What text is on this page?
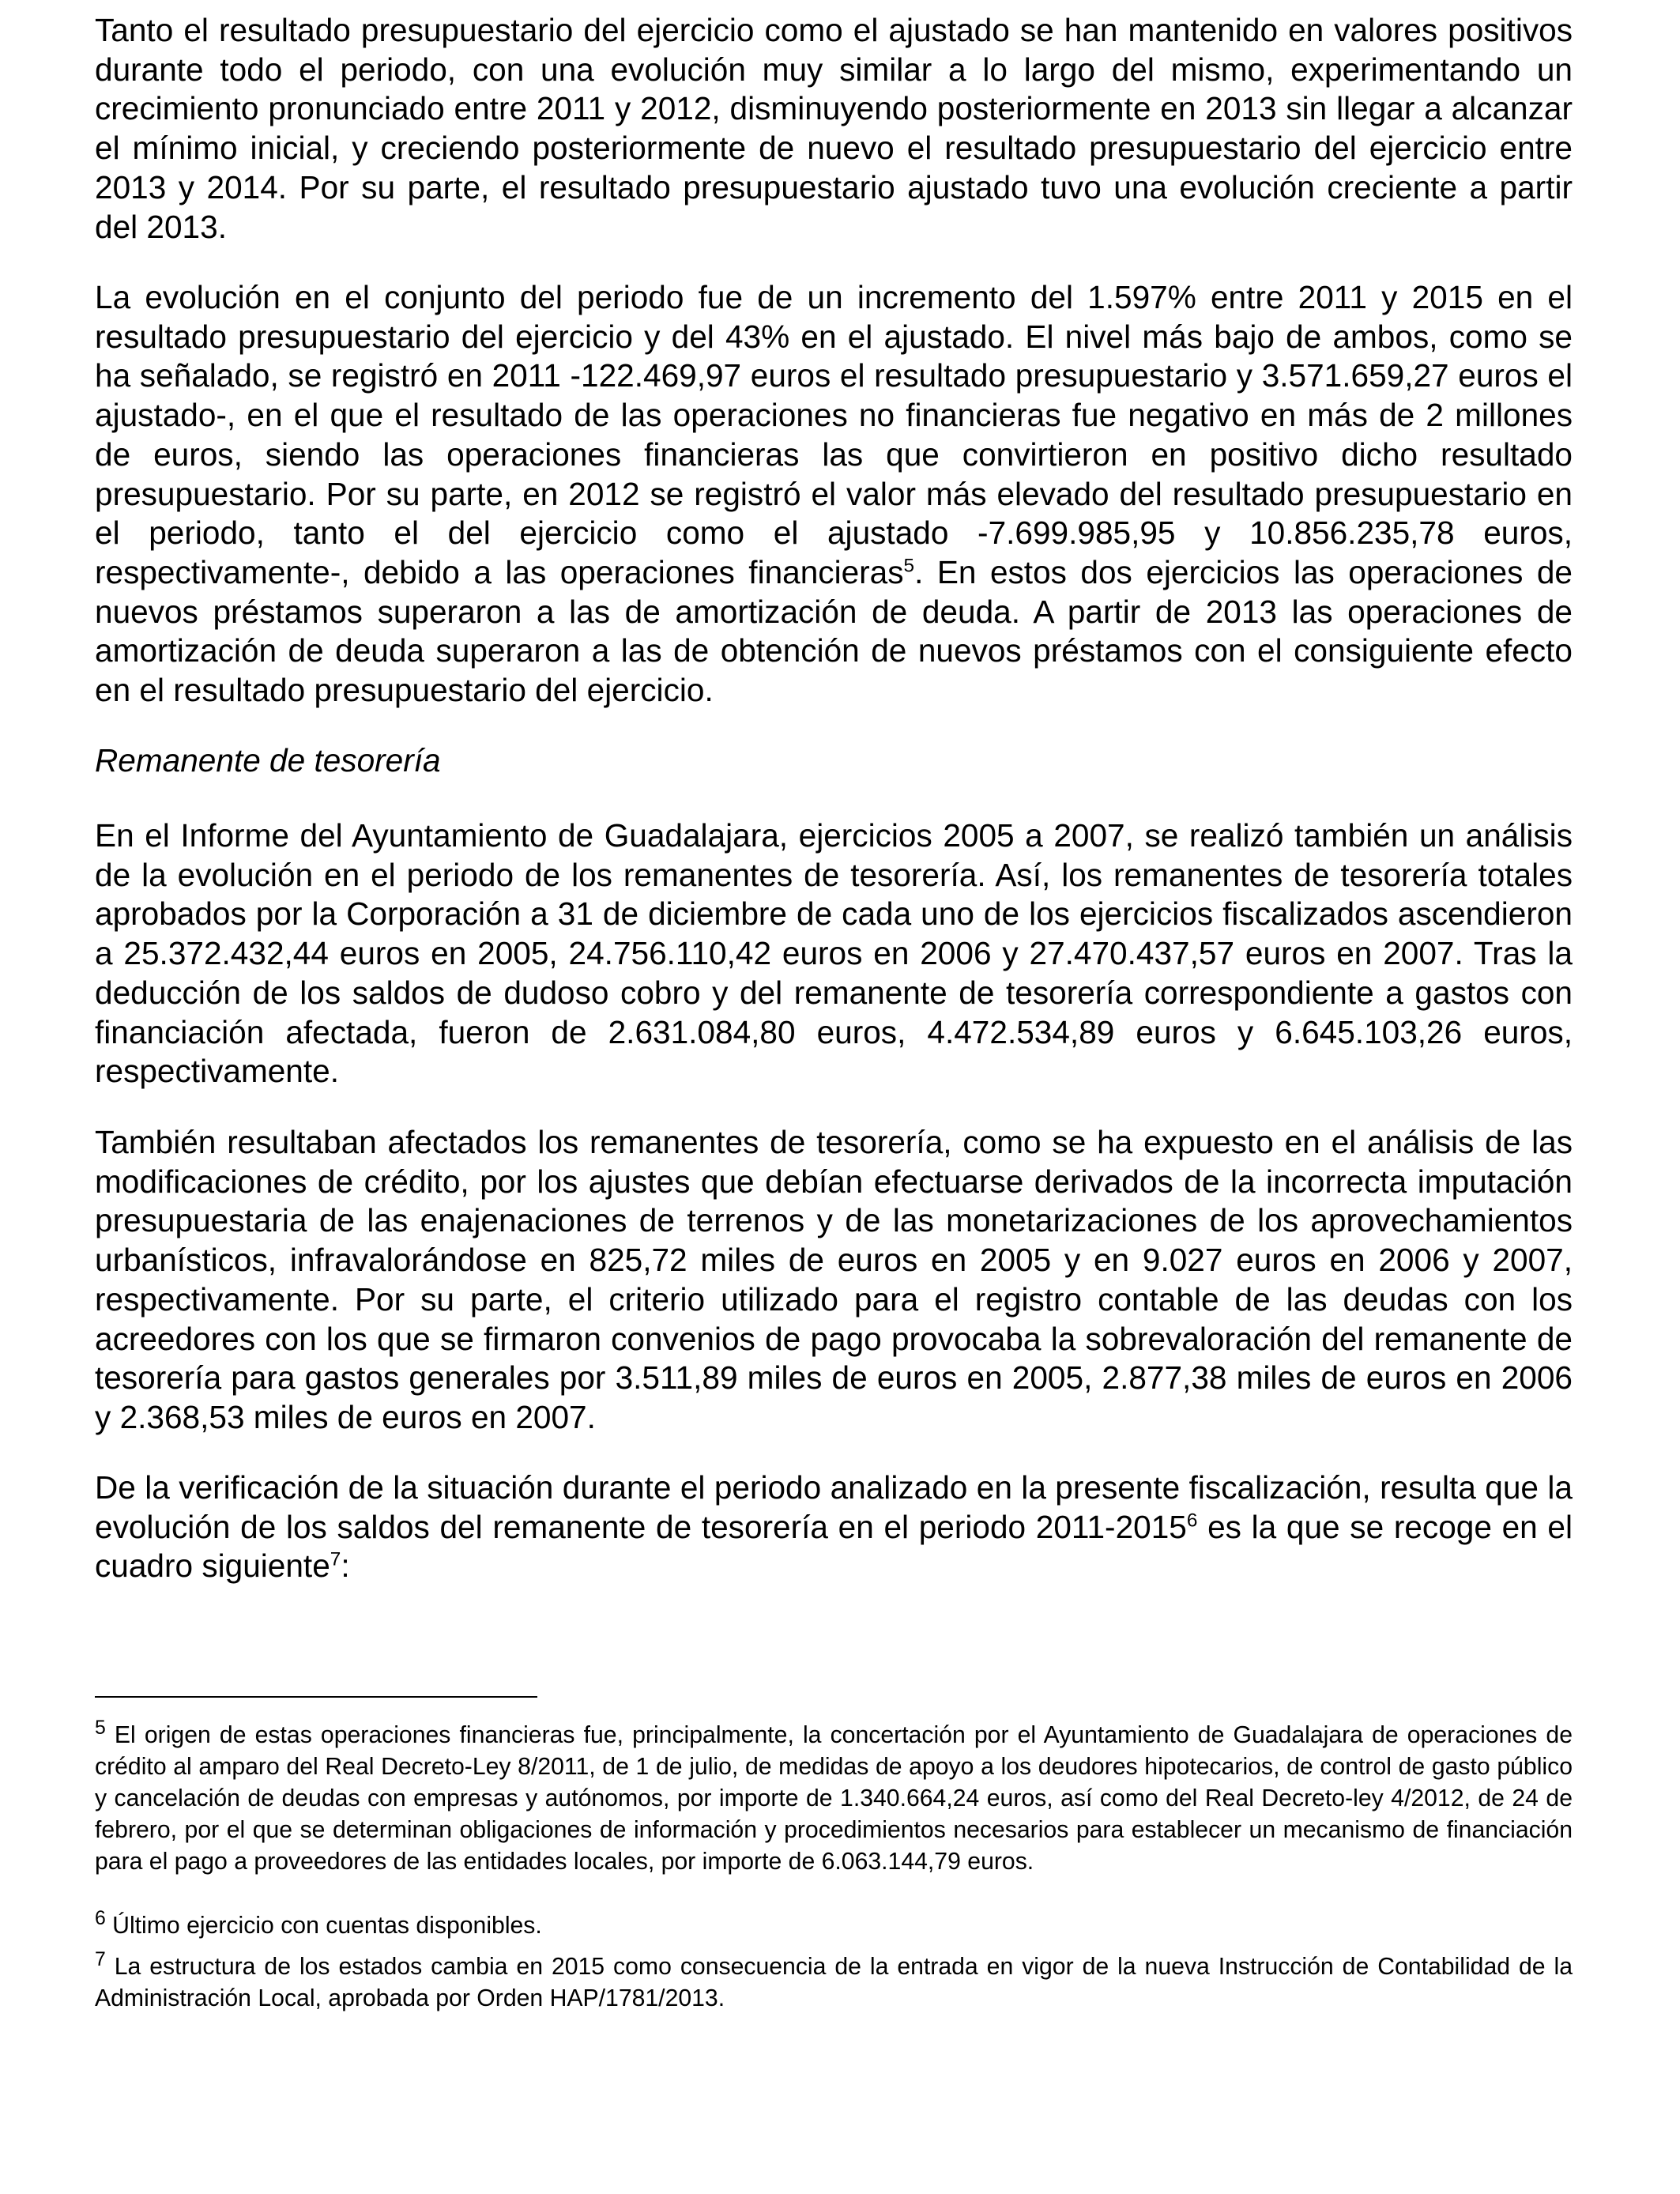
Tanto el resultado presupuestario del ejercicio como el ajustado se han mantenido en valores positivos durante todo el periodo, con una evolución muy similar a lo largo del mismo, experimentando un crecimiento pronunciado entre 2011 y 2012, disminuyendo posteriormente en 2013 sin llegar a alcanzar el mínimo inicial, y creciendo posteriormente de nuevo el resultado presupuestario del ejercicio entre 2013 y 2014. Por su parte, el resultado presupuestario ajustado tuvo una evolución creciente a partir del 2013.

La evolución en el conjunto del periodo fue de un incremento del 1.597% entre 2011 y 2015 en el resultado presupuestario del ejercicio y del 43% en el ajustado. El nivel más bajo de ambos, como se ha señalado, se registró en 2011 -122.469,97 euros el resultado presupuestario y 3.571.659,27 euros el ajustado-, en el que el resultado de las operaciones no financieras fue negativo en más de 2 millones de euros, siendo las operaciones financieras las que convirtieron en positivo dicho resultado presupuestario. Por su parte, en 2012 se registró el valor más elevado del resultado presupuestario en el periodo, tanto el del ejercicio como el ajustado -7.699.985,95 y 10.856.235,78 euros, respectivamente-, debido a las operaciones financieras$^5$. En estos dos ejercicios las operaciones de nuevos préstamos superaron a las de amortización de deuda. A partir de 2013 las operaciones de amortización de deuda superaron a las de obtención de nuevos préstamos con el consiguiente efecto en el resultado presupuestario del ejercicio.

Remanente de tesorería

En el Informe del Ayuntamiento de Guadalajara, ejercicios 2005 a 2007, se realizó también un análisis de la evolución en el periodo de los remanentes de tesorería. Así, los remanentes de tesorería totales aprobados por la Corporación a 31 de diciembre de cada uno de los ejercicios fiscalizados ascendieron a 25.372.432,44 euros en 2005, 24.756.110,42 euros en 2006 y 27.470.437,57 euros en 2007. Tras la deducción de los saldos de dudoso cobro y del remanente de tesorería correspondiente a gastos con financiación afectada, fueron de 2.631.084,80 euros, 4.472.534,89 euros y 6.645.103,26 euros, respectivamente.

También resultaban afectados los remanentes de tesorería, como se ha expuesto en el análisis de las modificaciones de crédito, por los ajustes que debían efectuarse derivados de la incorrecta imputación presupuestaria de las enajenaciones de terrenos y de las monetarizaciones de los aprovechamientos urbanísticos, infravalorándose en 825,72 miles de euros en 2005 y en 9.027 euros en 2006 y 2007, respectivamente. Por su parte, el criterio utilizado para el registro contable de las deudas con los acreedores con los que se firmaron convenios de pago provocaba la sobrevaloración del remanente de tesorería para gastos generales por 3.511,89 miles de euros en 2005, 2.877,38 miles de euros en 2006 y 2.368,53 miles de euros en 2007.

De la verificación de la situación durante el periodo analizado en la presente fiscalización, resulta que la evolución de los saldos del remanente de tesorería en el periodo 2011-2015$^6$ es la que se recoge en el cuadro siguiente$^7$:

$^5$ El origen de estas operaciones financieras fue, principalmente, la concertación por el Ayuntamiento de Guadalajara de operaciones de crédito al amparo del Real Decreto-Ley 8/2011, de 1 de julio, de medidas de apoyo a los deudores hipotecarios, de control de gasto público y cancelación de deudas con empresas y autónomos, por importe de 1.340.664,24 euros, así como del Real Decreto-ley 4/2012, de 24 de febrero, por el que se determinan obligaciones de información y procedimientos necesarios para establecer un mecanismo de financiación para el pago a proveedores de las entidades locales, por importe de 6.063.144,79 euros.

$^6$ Último ejercicio con cuentas disponibles.

$^7$ La estructura de los estados cambia en 2015 como consecuencia de la entrada en vigor de la nueva Instrucción de Contabilidad de la Administración Local, aprobada por Orden HAP/1781/2013.
